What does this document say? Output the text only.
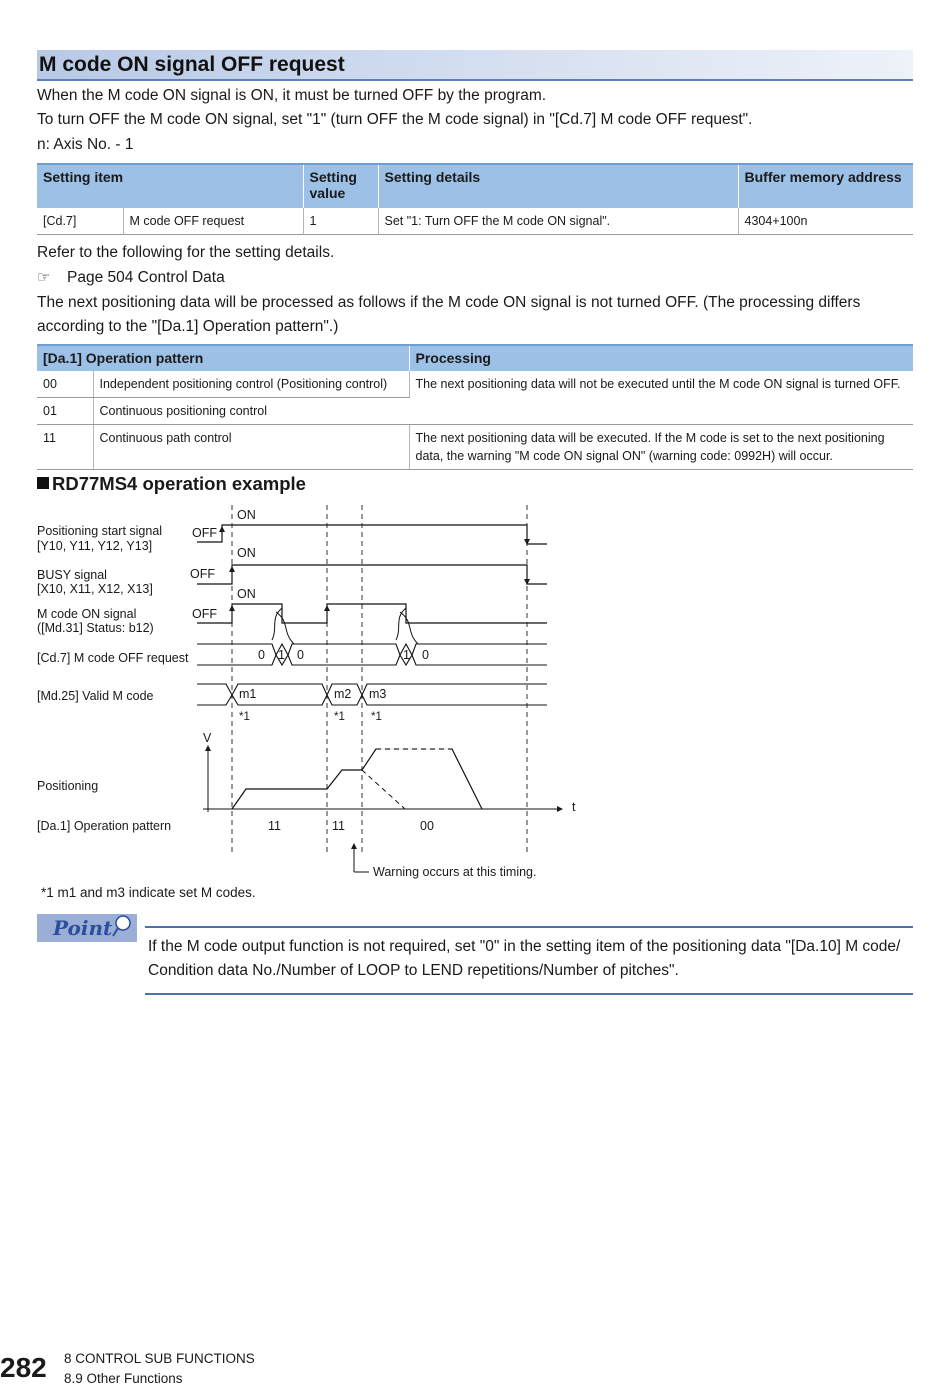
M code ON signal OFF request
When the M code ON signal is ON, it must be turned OFF by the program.
To turn OFF the M code ON signal, set "1" (turn OFF the M code signal) in "[Cd.7] M code OFF request".
n: Axis No. - 1
Setting item		Setting value	Setting details	Buffer memory address
[Cd.7]	M code OFF request	1	Set "1: Turn OFF the M code ON signal".	4304+100n
Refer to the following for the setting details.
☞ Page 504 Control Data
The next positioning data will be processed as follows if the M code ON signal is not turned OFF. (The processing differs
according to the "[Da.1] Operation pattern".)
[Da.1] Operation pattern		Processing
00	Independent positioning control (Positioning control)	The next positioning data will not be executed until the M code ON signal is turned OFF.
01	Continuous positioning control	
11	Continuous path control	The next positioning data will be executed. If the M code is set to the next positioning data, the warning "M code ON signal ON" (warning code: 0992H) will occur.
RD77MS4 operation example
Positioning start signal
[Y10, Y11, Y12, Y13]
BUSY signal
[X10, X11, X12, X13]
M code ON signal
([Md.31] Status: b12)
[Cd.7] M code OFF request
[Md.25] Valid M code
Positioning
[Da.1] Operation pattern
ON
OFF
ON
OFF
ON
OFF
0 1 0	1 0
m1	m2 m3
*1	*1 *1
V
t
11	11	00
Warning occurs at this timing.
*1 m1 and m3 indicate set M codes.
Point
If the M code output function is not required, set "0" in the setting item of the positioning data "[Da.10] M code/ Condition data No./Number of LOOP to LEND repetitions/Number of pitches".
282 8 CONTROL SUB FUNCTIONS
8.9 Other Functions
